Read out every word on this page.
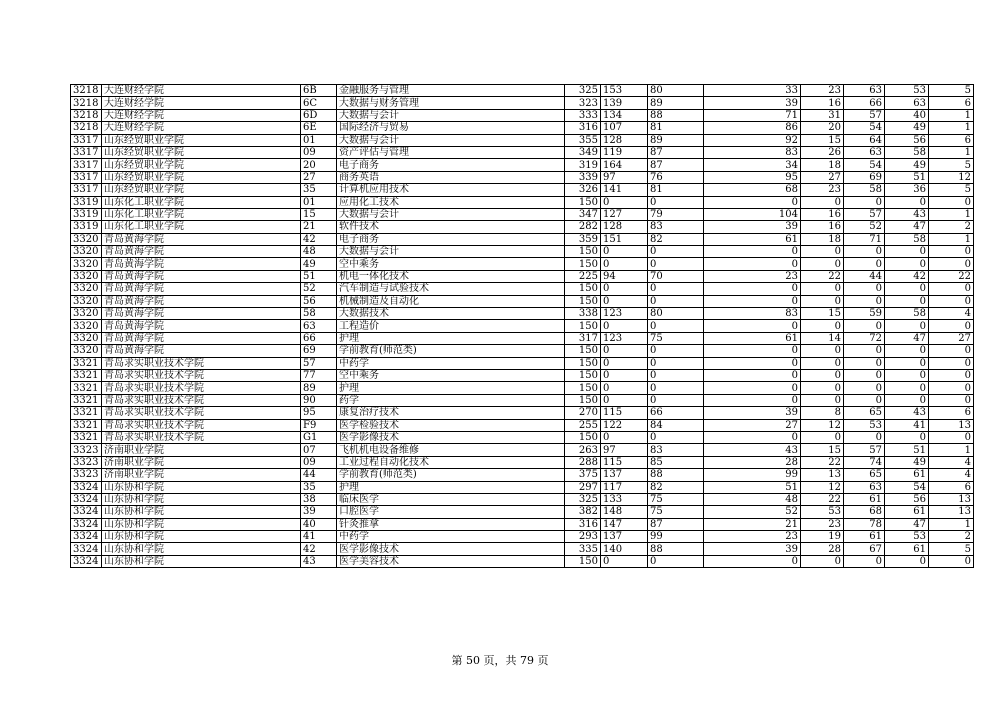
3218	大连财经学院	6B	金融服务与管理	325	153	80	33	23	63	53	5
3218	大连财经学院	6C	大数据与财务管理	323	139	89	39	16	66	63	6
3218	大连财经学院	6D	大数据与会计	333	134	88	71	31	57	40	1
3218	大连财经学院	6E	国际经济与贸易	316	107	81	86	20	54	49	1
3317	山东经贸职业学院	01	大数据与会计	355	128	89	92	15	64	56	6
3317	山东经贸职业学院	09	资产评估与管理	349	119	87	83	26	63	58	1
3317	山东经贸职业学院	20	电子商务	319	164	87	34	18	54	49	5
3317	山东经贸职业学院	27	商务英语	339	97	76	95	27	69	51	12
3317	山东经贸职业学院	35	计算机应用技术	326	141	81	68	23	58	36	5
3319	山东化工职业学院	01	应用化工技术	150	0	0	0	0	0	0	0
3319	山东化工职业学院	15	大数据与会计	347	127	79	104	16	57	43	1
3319	山东化工职业学院	21	软件技术	282	128	83	39	16	52	47	2
3320	青岛黄海学院	42	电子商务	359	151	82	61	18	71	58	1
3320	青岛黄海学院	48	大数据与会计	150	0	0	0	0	0	0	0
3320	青岛黄海学院	49	空中乘务	150	0	0	0	0	0	0	0
3320	青岛黄海学院	51	机电一体化技术	225	94	70	23	22	44	42	22
3320	青岛黄海学院	52	汽车制造与试验技术	150	0	0	0	0	0	0	0
3320	青岛黄海学院	56	机械制造及自动化	150	0	0	0	0	0	0	0
3320	青岛黄海学院	58	大数据技术	338	123	80	83	15	59	58	4
3320	青岛黄海学院	63	工程造价	150	0	0	0	0	0	0	0
3320	青岛黄海学院	66	护理	317	123	75	61	14	72	47	27
3320	青岛黄海学院	69	学前教育(师范类)	150	0	0	0	0	0	0	0
3321	青岛求实职业技术学院	57	中药学	150	0	0	0	0	0	0	0
3321	青岛求实职业技术学院	77	空中乘务	150	0	0	0	0	0	0	0
3321	青岛求实职业技术学院	89	护理	150	0	0	0	0	0	0	0
3321	青岛求实职业技术学院	90	药学	150	0	0	0	0	0	0	0
3321	青岛求实职业技术学院	95	康复治疗技术	270	115	66	39	8	65	43	6
3321	青岛求实职业技术学院	F9	医学检验技术	255	122	84	27	12	53	41	13
3321	青岛求实职业技术学院	G1	医学影像技术	150	0	0	0	0	0	0	0
3323	济南职业学院	07	飞机机电设备维修	263	97	83	43	15	57	51	1
3323	济南职业学院	09	工业过程自动化技术	288	115	85	28	22	74	49	4
3323	济南职业学院	44	学前教育(师范类)	375	137	88	99	13	65	61	4
3324	山东协和学院	35	护理	297	117	82	51	12	63	54	6
3324	山东协和学院	38	临床医学	325	133	75	48	22	61	56	13
3324	山东协和学院	39	口腔医学	382	148	75	52	53	68	61	13
3324	山东协和学院	40	针灸推拿	316	147	87	21	23	78	47	1
3324	山东协和学院	41	中药学	293	137	99	23	19	61	53	2
3324	山东协和学院	42	医学影像技术	335	140	88	39	28	67	61	5
3324	山东协和学院	43	医学美容技术	150	0	0	0	0	0	0	0
第 50 页，共 79 页
